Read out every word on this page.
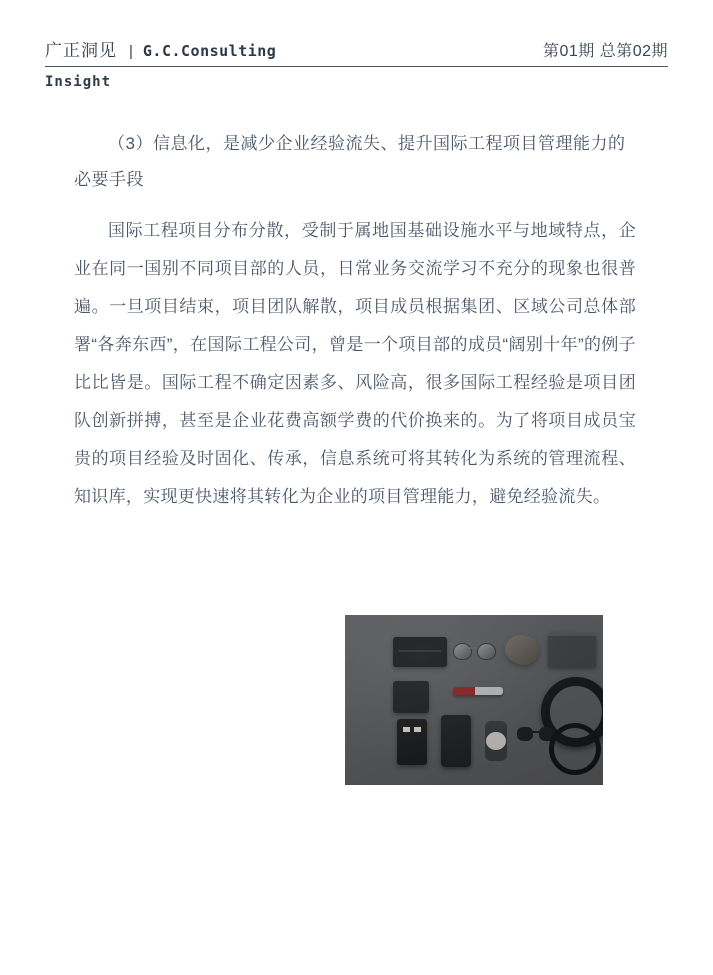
广正洞见 | G.C.Consulting	第01期 总第02期
Insight

（3）信息化，是减少企业经验流失、提升国际工程项目管理能力的必要手段

国际工程项目分布分散，受制于属地国基础设施水平与地域特点，企业在同一国别不同项目部的人员，日常业务交流学习不充分的现象也很普遍。一旦项目结束，项目团队解散，项目成员根据集团、区域公司总体部署“各奔东西”，在国际工程公司，曾是一个项目部的成员“阔别十年”的例子比比皆是。国际工程不确定因素多、风险高，很多国际工程经验是项目团队创新拼搏，甚至是企业花费高额学费的代价换来的。为了将项目成员宝贵的项目经验及时固化、传承，信息系统可将其转化为系统的管理流程、知识库，实现更快速将其转化为企业的项目管理能力，避免经验流失。
